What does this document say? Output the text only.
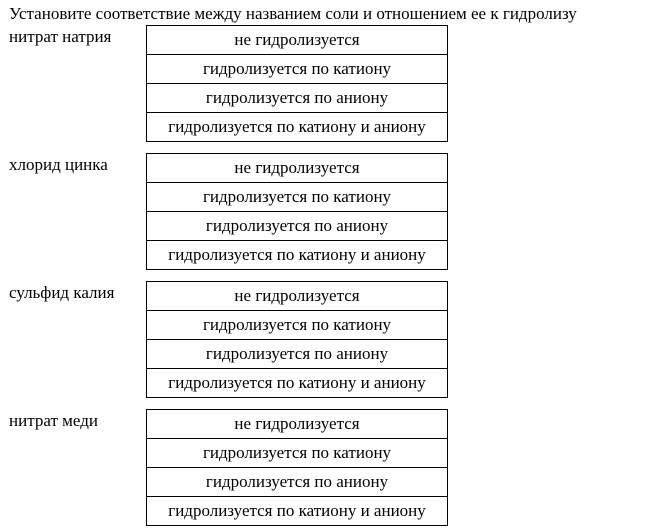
Установите соответствие между названием соли и отношением ее к гидролизу
нитрат натрия	не гидролизуется
гидролизуется по катиону
гидролизуется по аниону
гидролизуется по катиону и аниону
хлорид цинка	не гидролизуется
гидролизуется по катиону
гидролизуется по аниону
гидролизуется по катиону и аниону
сульфид калия	не гидролизуется
гидролизуется по катиону
гидролизуется по аниону
гидролизуется по катиону и аниону
нитрат меди	не гидролизуется
гидролизуется по катиону
гидролизуется по аниону
гидролизуется по катиону и аниону
